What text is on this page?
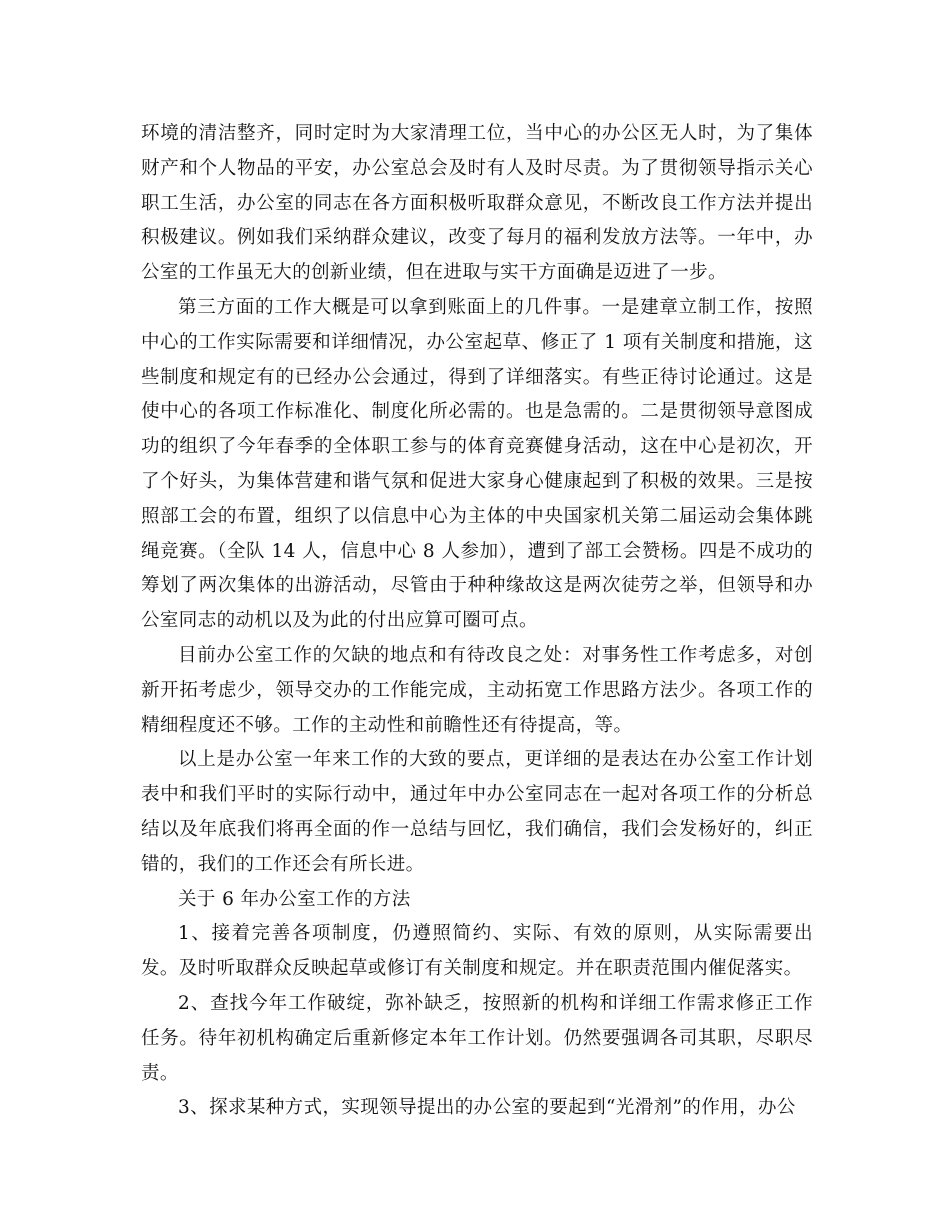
环境的清洁整齐，同时定时为大家清理工位，当中心的办公区无人时，为了集体财产和个人物品的平安，办公室总会及时有人及时尽责。为了贯彻领导指示关心职工生活，办公室的同志在各方面积极听取群众意见，不断改良工作方法并提出积极建议。例如我们采纳群众建议，改变了每月的福利发放方法等。一年中，办公室的工作虽无大的创新业绩，但在进取与实干方面确是迈进了一步。

第三方面的工作大概是可以拿到账面上的几件事。一是建章立制工作，按照中心的工作实际需要和详细情况，办公室起草、修正了 1 项有关制度和措施，这些制度和规定有的已经办公会通过，得到了详细落实。有些正待讨论通过。这是使中心的各项工作标准化、制度化所必需的。也是急需的。二是贯彻领导意图成功的组织了今年春季的全体职工参与的体育竞赛健身活动，这在中心是初次，开了个好头，为集体营建和谐气氛和促进大家身心健康起到了积极的效果。三是按照部工会的布置，组织了以信息中心为主体的中央国家机关第二届运动会集体跳绳竞赛。（全队 14 人，信息中心 8 人参加），遭到了部工会赞杨。四是不成功的筹划了两次集体的出游活动，尽管由于种种缘故这是两次徒劳之举，但领导和办公室同志的动机以及为此的付出应算可圈可点。

目前办公室工作的欠缺的地点和有待改良之处：对事务性工作考虑多，对创新开拓考虑少，领导交办的工作能完成，主动拓宽工作思路方法少。各项工作的精细程度还不够。工作的主动性和前瞻性还有待提高，等。

以上是办公室一年来工作的大致的要点，更详细的是表达在办公室工作计划表中和我们平时的实际行动中，通过年中办公室同志在一起对各项工作的分析总结以及年底我们将再全面的作一总结与回忆，我们确信，我们会发杨好的，纠正错的，我们的工作还会有所长进。

关于 6 年办公室工作的方法

1、接着完善各项制度，仍遵照简约、实际、有效的原则，从实际需要出发。及时听取群众反映起草或修订有关制度和规定。并在职责范围内催促落实。

2、查找今年工作破绽，弥补缺乏，按照新的机构和详细工作需求修正工作任务。待年初机构确定后重新修定本年工作计划。仍然要强调各司其职，尽职尽责。

3、探求某种方式，实现领导提出的办公室的要起到“光滑剂”的作用，办公
